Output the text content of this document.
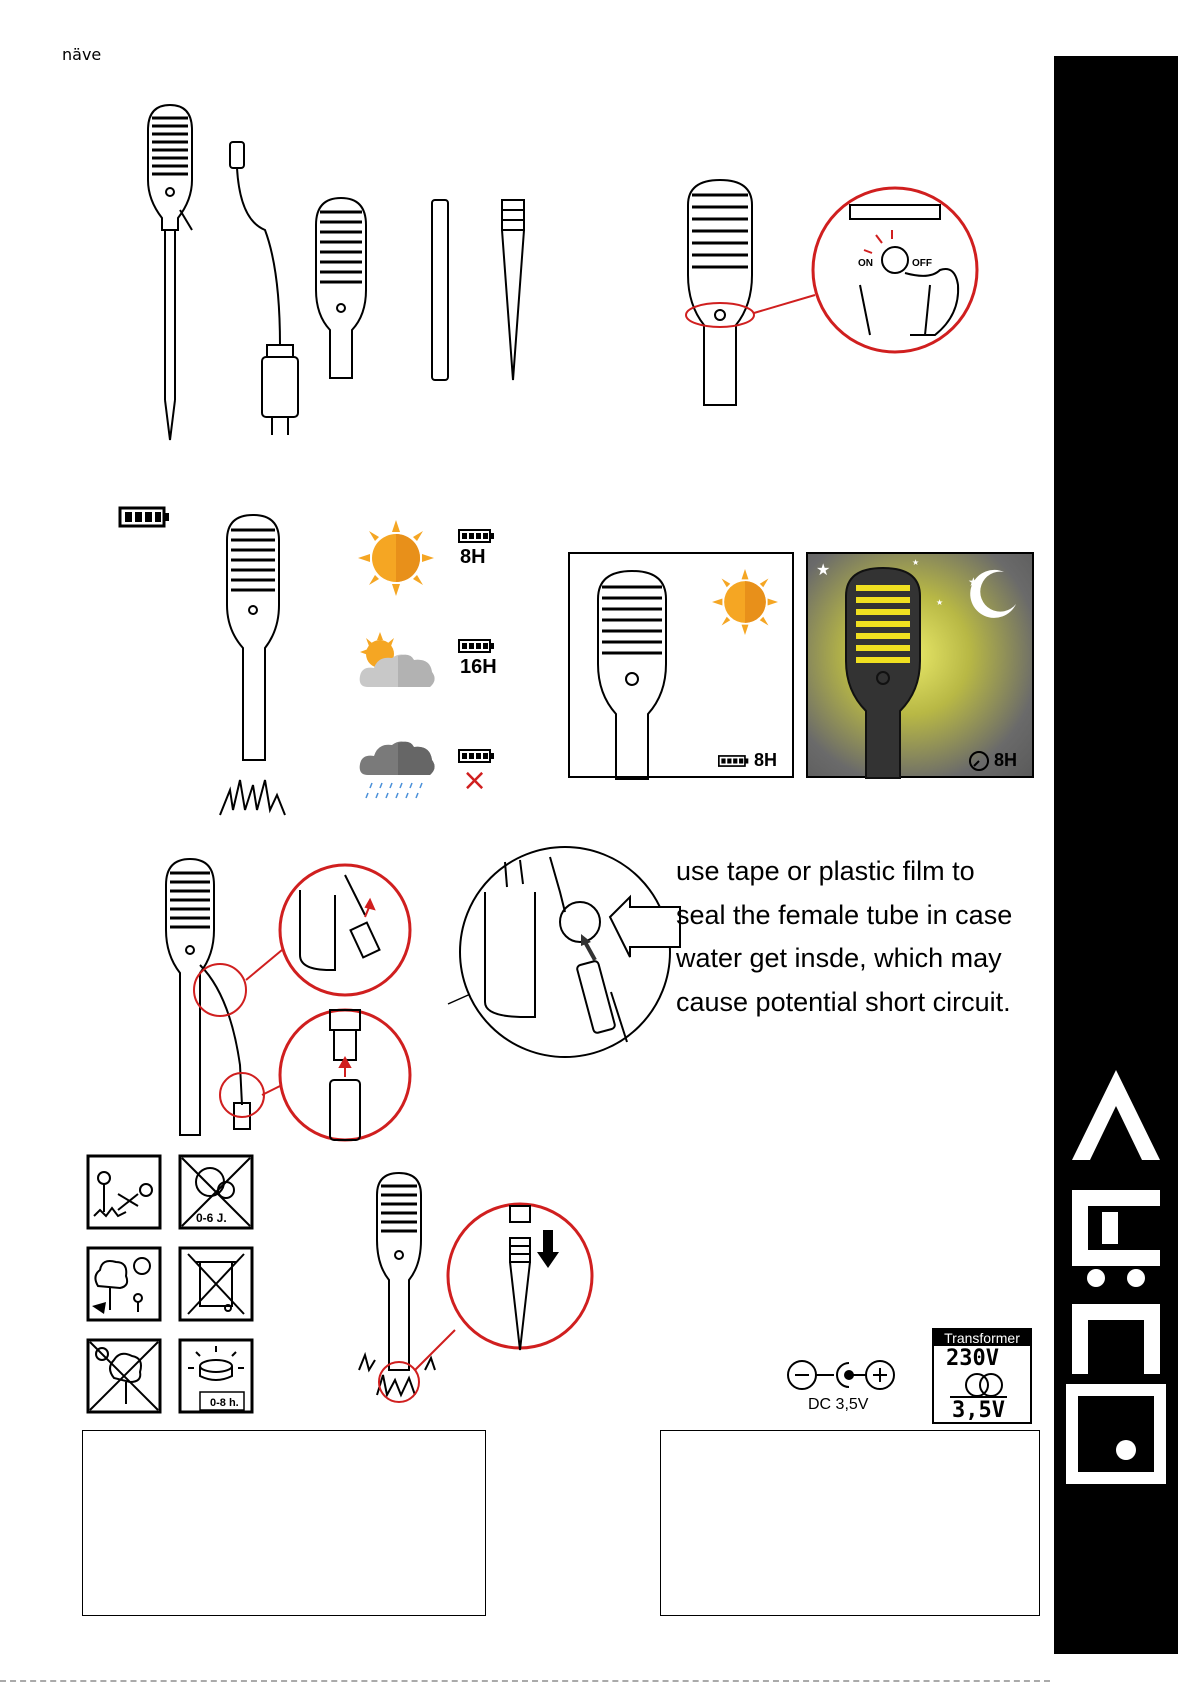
ON	OFF
8H
16H
×
8H
★
★	★
★
8H
use tape or plastic film to
seal the female tube in case
water get insde, which may
cause potential short circuit.
0-6 J.
0-8 h.	DC 3,5V
Transformer
230V
3,5V
näve
